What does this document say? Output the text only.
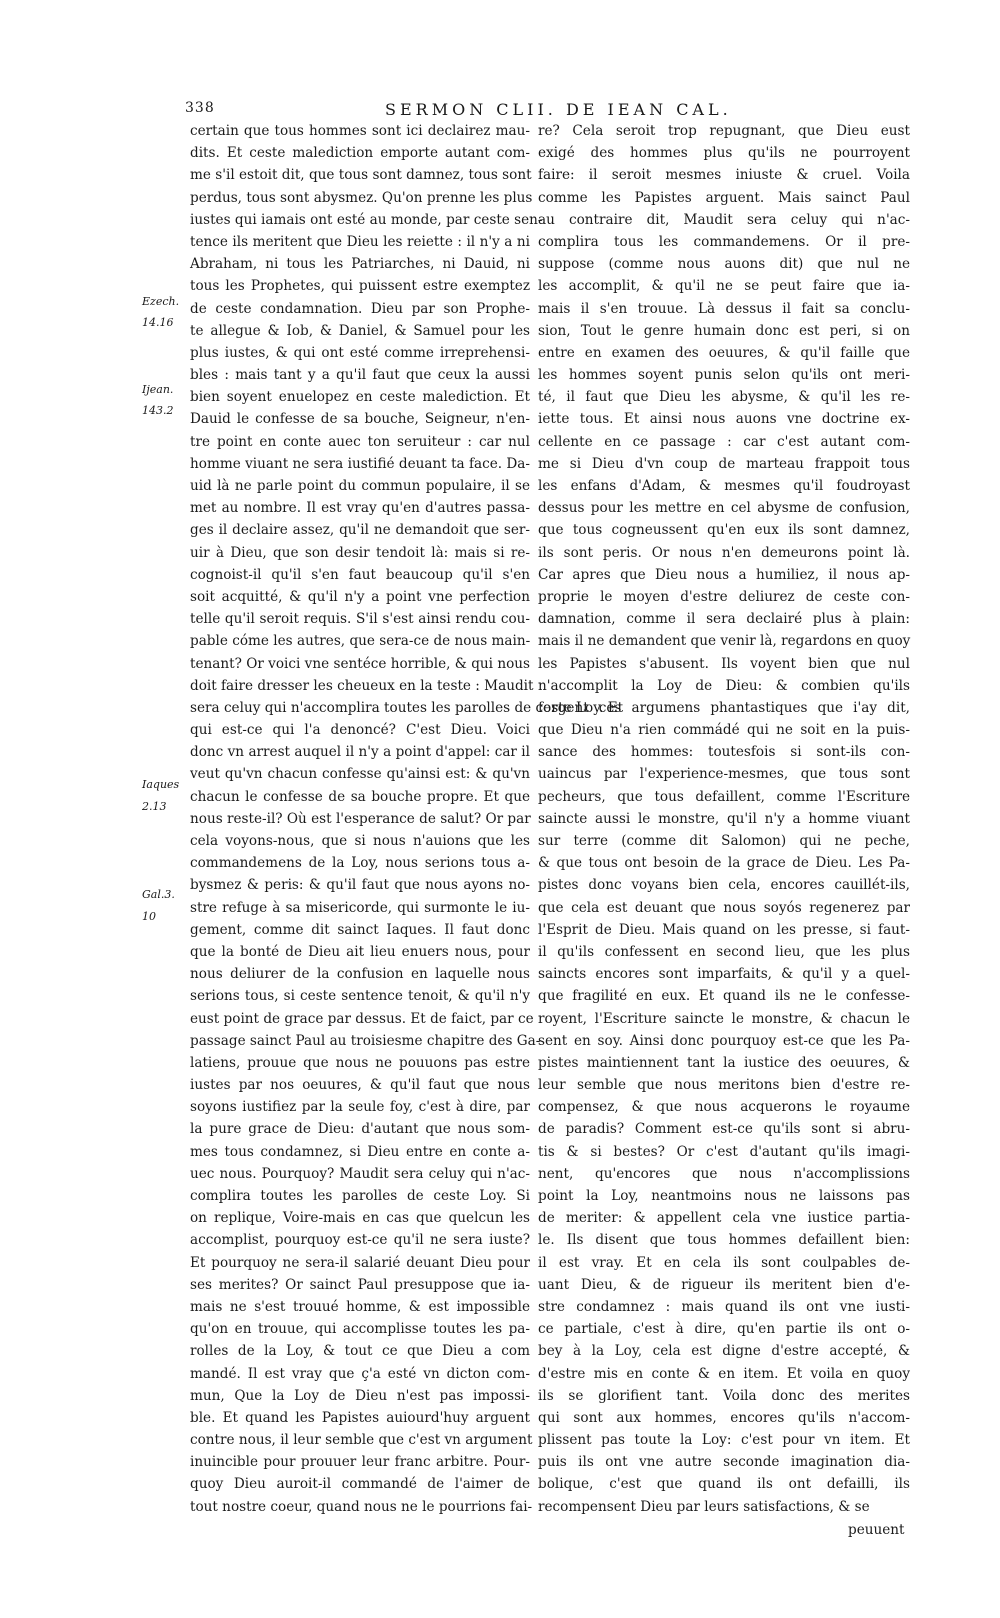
338	SERMON CLII. DE IEAN CAL.
Ezech.
14.16
Ijean.
143.2
Iaques
2.13
Gal.3.
10
certain que tous hommes sont ici declairez mau-
dits. Et ceste malediction emporte autant com-
me s'il estoit dit, que tous sont damnez, tous sont
perdus, tous sont abysmez. Qu'on prenne les plus
iustes qui iamais ont esté au monde, par ceste sen-
tence ils meritent que Dieu les reiette : il n'y a ni
Abraham, ni tous les Patriarches, ni Dauid, ni
tous les Prophetes, qui puissent estre exemptez
de ceste condamnation. Dieu par son Prophe-
te allegue & Iob, & Daniel, & Samuel pour les
plus iustes, & qui ont esté comme irreprehensi-
bles : mais tant y a qu'il faut que ceux la aussi
bien soyent enuelopez en ceste malediction. Et
Dauid le confesse de sa bouche, Seigneur, n'en-
tre point en conte auec ton seruiteur : car nul
homme viuant ne sera iustifié deuant ta face. Da-
uid là ne parle point du commun populaire, il se
met au nombre. Il est vray qu'en d'autres passa-
ges il declaire assez, qu'il ne demandoit que ser-
uir à Dieu, que son desir tendoit là: mais si re-
cognoist-il qu'il s'en faut beaucoup qu'il s'en
soit acquitté, & qu'il n'y a point vne perfection
telle qu'il seroit requis. S'il s'est ainsi rendu cou-
pable cóme les autres, que sera-ce de nous main-
tenant? Or voici vne sentéce horrible, & qui nous
doit faire dresser les cheueux en la teste : Maudit
sera celuy qui n'accomplira toutes les parolles de ceste Loy. Et
qui est-ce qui l'a denoncé? C'est Dieu. Voici
donc vn arrest auquel il n'y a point d'appel: car il
veut qu'vn chacun confesse qu'ainsi est: & qu'vn
chacun le confesse de sa bouche propre. Et que
nous reste-il? Où est l'esperance de salut? Or par
cela voyons-nous, que si nous n'auions que les
commandemens de la Loy, nous serions tous a-
bysmez & peris: & qu'il faut que nous ayons no-
stre refuge à sa misericorde, qui surmonte le iu-
gement, comme dit sainct Iaques. Il faut donc
que la bonté de Dieu ait lieu enuers nous, pour
nous deliurer de la confusion en laquelle nous
serions tous, si ceste sentence tenoit, & qu'il n'y
eust point de grace par dessus. Et de faict, par ce
passage sainct Paul au troisiesme chapitre des Ga-
latiens, prouue que nous ne pouuons pas estre
iustes par nos oeuures, & qu'il faut que nous
soyons iustifiez par la seule foy, c'est à dire, par
la pure grace de Dieu: d'autant que nous som-
mes tous condamnez, si Dieu entre en conte a-
uec nous. Pourquoy? Maudit sera celuy qui n'ac-
complira toutes les parolles de ceste Loy. Si
on replique, Voire-mais en cas que quelcun les
accomplist, pourquoy est-ce qu'il ne sera iuste?
Et pourquoy ne sera-il salarié deuant Dieu pour
ses merites? Or sainct Paul presuppose que ia-
mais ne s'est trouué homme, & est impossible
qu'on en trouue, qui accomplisse toutes les pa-
rolles de la Loy, & tout ce que Dieu a com
mandé. Il est vray que ç'a esté vn dicton com-
mun, Que la Loy de Dieu n'est pas impossi-
ble. Et quand les Papistes auiourd'huy arguent
contre nous, il leur semble que c'est vn argument
inuincible pour prouuer leur franc arbitre. Pour-
quoy Dieu auroit-il commandé de l'aimer de
tout nostre coeur, quand nous ne le pourrions fai-
re? Cela seroit trop repugnant, que Dieu eust
exigé des hommes plus qu'ils ne pourroyent
faire: il seroit mesmes iniuste & cruel. Voila
comme les Papistes arguent. Mais sainct Paul
au contraire dit, Maudit sera celuy qui n'ac-
complira tous les commandemens. Or il pre-
suppose (comme nous auons dit) que nul ne
les accomplit, & qu'il ne se peut faire que ia-
mais il s'en trouue. Là dessus il fait sa conclu-
sion, Tout le genre humain donc est peri, si on
entre en examen des oeuures, & qu'il faille que
les hommes soyent punis selon qu'ils ont meri-
té, il faut que Dieu les abysme, & qu'il les re-
iette tous. Et ainsi nous auons vne doctrine ex-
cellente en ce passage : car c'est autant com-
me si Dieu d'vn coup de marteau frappoit tous
les enfans d'Adam, & mesmes qu'il foudroyast
dessus pour les mettre en cel abysme de confusion,
que tous cogneussent qu'en eux ils sont damnez,
ils sont peris. Or nous n'en demeurons point là.
Car apres que Dieu nous a humiliez, il nous ap-
proprie le moyen d'estre deliurez de ceste con-
damnation, comme il sera declairé plus à plain:
mais il ne demandent que venir là, regardons en quoy
les Papistes s'abusent. Ils voyent bien que nul
n'accomplit la Loy de Dieu: & combien qu'ils
forgent ces argumens phantastiques que i'ay dit,
que Dieu n'a rien commádé qui ne soit en la puis-
sance des hommes: toutesfois si sont-ils con-
uaincus par l'experience-mesmes, que tous sont
pecheurs, que tous defaillent, comme l'Escriture
saincte aussi le monstre, qu'il n'y a homme viuant
sur terre (comme dit Salomon) qui ne peche,
& que tous ont besoin de la grace de Dieu. Les Pa-
pistes donc voyans bien cela, encores cauillét-ils,
que cela est deuant que nous soyós regenerez par
l'Esprit de Dieu. Mais quand on les presse, si faut-
il qu'ils confessent en second lieu, que les plus
saincts encores sont imparfaits, & qu'il y a quel-
que fragilité en eux. Et quand ils ne le confesse-
royent, l'Escriture saincte le monstre, & chacun le
sent en soy. Ainsi donc pourquoy est-ce que les Pa-
pistes maintiennent tant la iustice des oeuures, &
leur semble que nous meritons bien d'estre re-
compensez, & que nous acquerons le royaume
de paradis? Comment est-ce qu'ils sont si abru-
tis & si bestes? Or c'est d'autant qu'ils imagi-
nent, qu'encores que nous n'accomplissions
point la Loy, neantmoins nous ne laissons pas
de meriter: & appellent cela vne iustice partia-
le. Ils disent que tous hommes defaillent bien:
il est vray. Et en cela ils sont coulpables de-
uant Dieu, & de rigueur ils meritent bien d'e-
stre condamnez : mais quand ils ont vne iusti-
ce partiale, c'est à dire, qu'en partie ils ont o-
bey à la Loy, cela est digne d'estre accepté, &
d'estre mis en conte & en item. Et voila en quoy
ils se glorifient tant. Voila donc des merites
qui sont aux hommes, encores qu'ils n'accom-
plissent pas toute la Loy: c'est pour vn item. Et
puis ils ont vne autre seconde imagination dia-
bolique, c'est que quand ils ont defailli, ils
recompensent Dieu par leurs satisfactions, & se
peuuent
